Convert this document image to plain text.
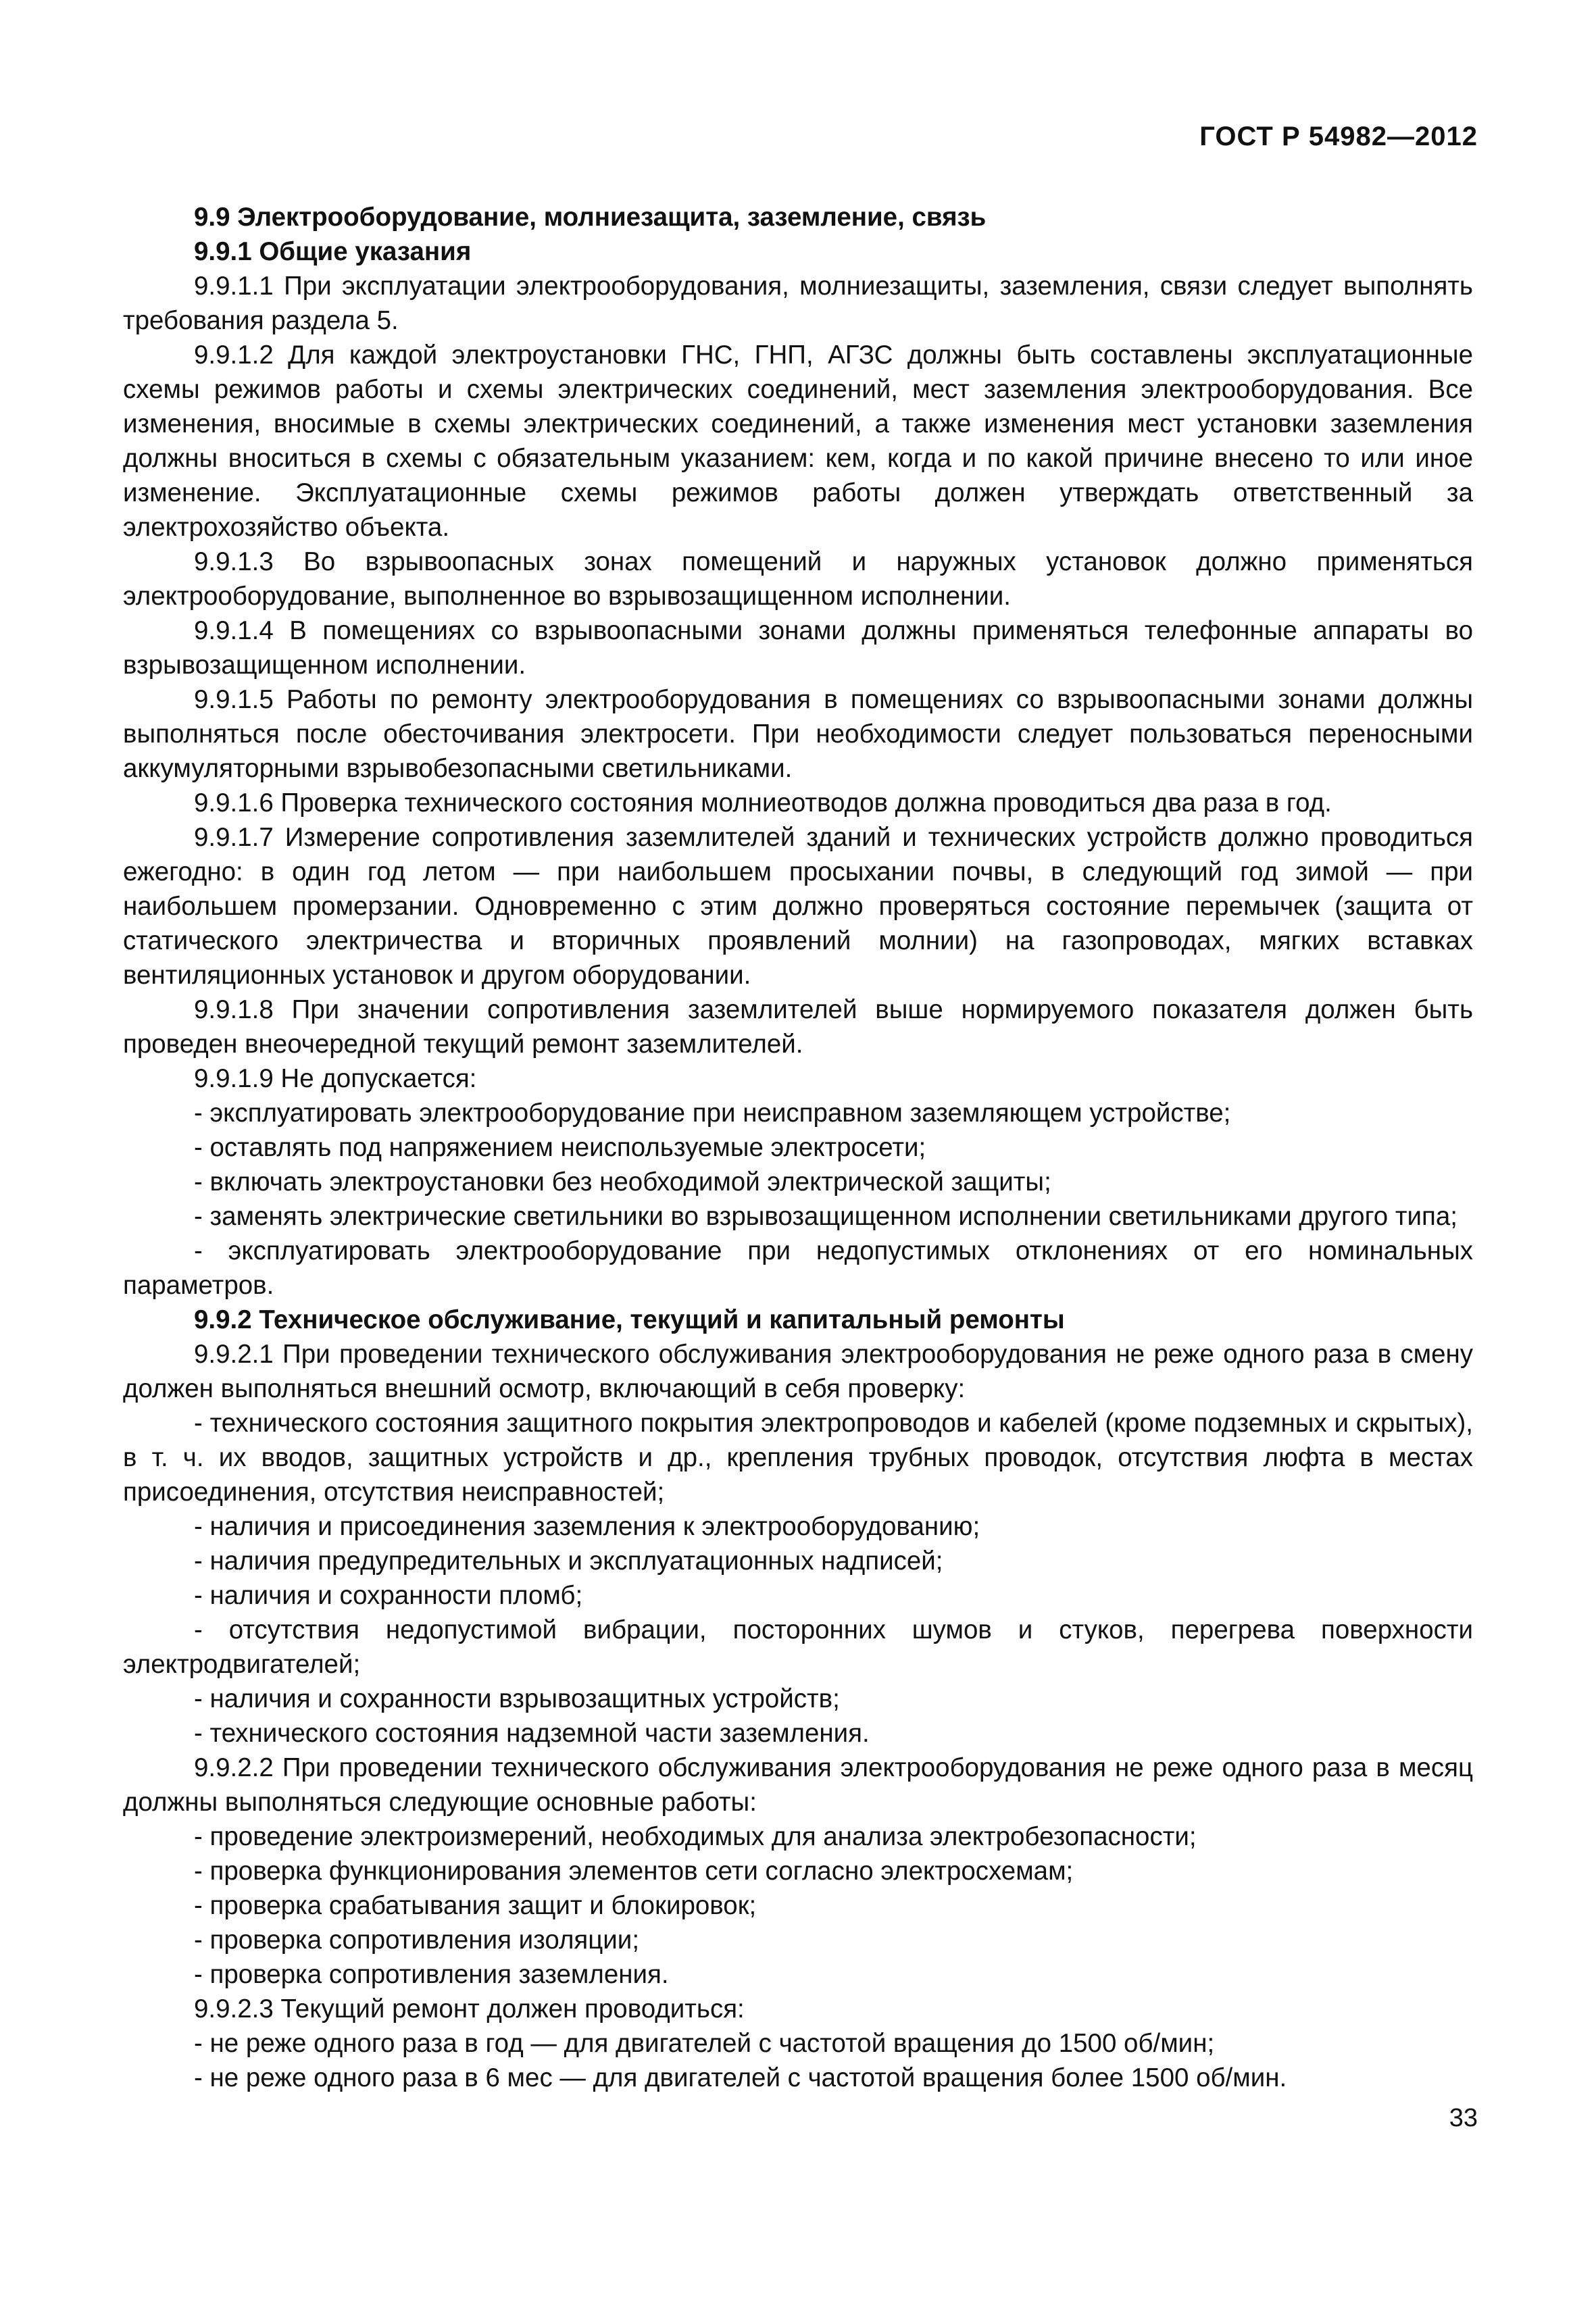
ГОСТ Р 54982—2012

9.9 Электрооборудование, молниезащита, заземление, связь

9.9.1 Общие указания

9.9.1.1 При эксплуатации электрооборудования, молниезащиты, заземления, связи следует выполнять требования раздела 5.

9.9.1.2 Для каждой электроустановки ГНС, ГНП, АГЗС должны быть составлены эксплуатационные схемы режимов работы и схемы электрических соединений, мест заземления электрооборудования. Все изменения, вносимые в схемы электрических соединений, а также изменения мест установки заземления должны вноситься в схемы с обязательным указанием: кем, когда и по какой причине внесено то или иное изменение. Эксплуатационные схемы режимов работы должен утверждать ответственный за электрохозяйство объекта.

9.9.1.3 Во взрывоопасных зонах помещений и наружных установок должно применяться электрооборудование, выполненное во взрывозащищенном исполнении.

9.9.1.4 В помещениях со взрывоопасными зонами должны применяться телефонные аппараты во взрывозащищенном исполнении.

9.9.1.5 Работы по ремонту электрооборудования в помещениях со взрывоопасными зонами должны выполняться после обесточивания электросети. При необходимости следует пользоваться переносными аккумуляторными взрывобезопасными светильниками.

9.9.1.6 Проверка технического состояния молниеотводов должна проводиться два раза в год.

9.9.1.7 Измерение сопротивления заземлителей зданий и технических устройств должно проводиться ежегодно: в один год летом — при наибольшем просыхании почвы, в следующий год зимой — при наибольшем промерзании. Одновременно с этим должно проверяться состояние перемычек (защита от статического электричества и вторичных проявлений молнии) на газопроводах, мягких вставках вентиляционных установок и другом оборудовании.

9.9.1.8 При значении сопротивления заземлителей выше нормируемого показателя должен быть проведен внеочередной текущий ремонт заземлителей.

9.9.1.9 Не допускается:

- эксплуатировать электрооборудование при неисправном заземляющем устройстве;

- оставлять под напряжением неиспользуемые электросети;

- включать электроустановки без необходимой электрической защиты;

- заменять электрические светильники во взрывозащищенном исполнении светильниками другого типа;

- эксплуатировать электрооборудование при недопустимых отклонениях от его номинальных параметров.

9.9.2 Техническое обслуживание, текущий и капитальный ремонты

9.9.2.1 При проведении технического обслуживания электрооборудования не реже одного раза в смену должен выполняться внешний осмотр, включающий в себя проверку:

- технического состояния защитного покрытия электропроводов и кабелей (кроме подземных и скрытых), в т. ч. их вводов, защитных устройств и др., крепления трубных проводок, отсутствия люфта в местах присоединения, отсутствия неисправностей;

- наличия и присоединения заземления к электрооборудованию;

- наличия предупредительных и эксплуатационных надписей;

- наличия и сохранности пломб;

- отсутствия недопустимой вибрации, посторонних шумов и стуков, перегрева поверхности электродвигателей;

- наличия и сохранности взрывозащитных устройств;

- технического состояния надземной части заземления.

9.9.2.2 При проведении технического обслуживания электрооборудования не реже одного раза в месяц должны выполняться следующие основные работы:

- проведение электроизмерений, необходимых для анализа электробезопасности;

- проверка функционирования элементов сети согласно электросхемам;

- проверка срабатывания защит и блокировок;

- проверка сопротивления изоляции;

- проверка сопротивления заземления.

9.9.2.3 Текущий ремонт должен проводиться:

- не реже одного раза в год — для двигателей с частотой вращения до 1500 об/мин;

- не реже одного раза в 6 мес — для двигателей с частотой вращения более 1500 об/мин.

33
